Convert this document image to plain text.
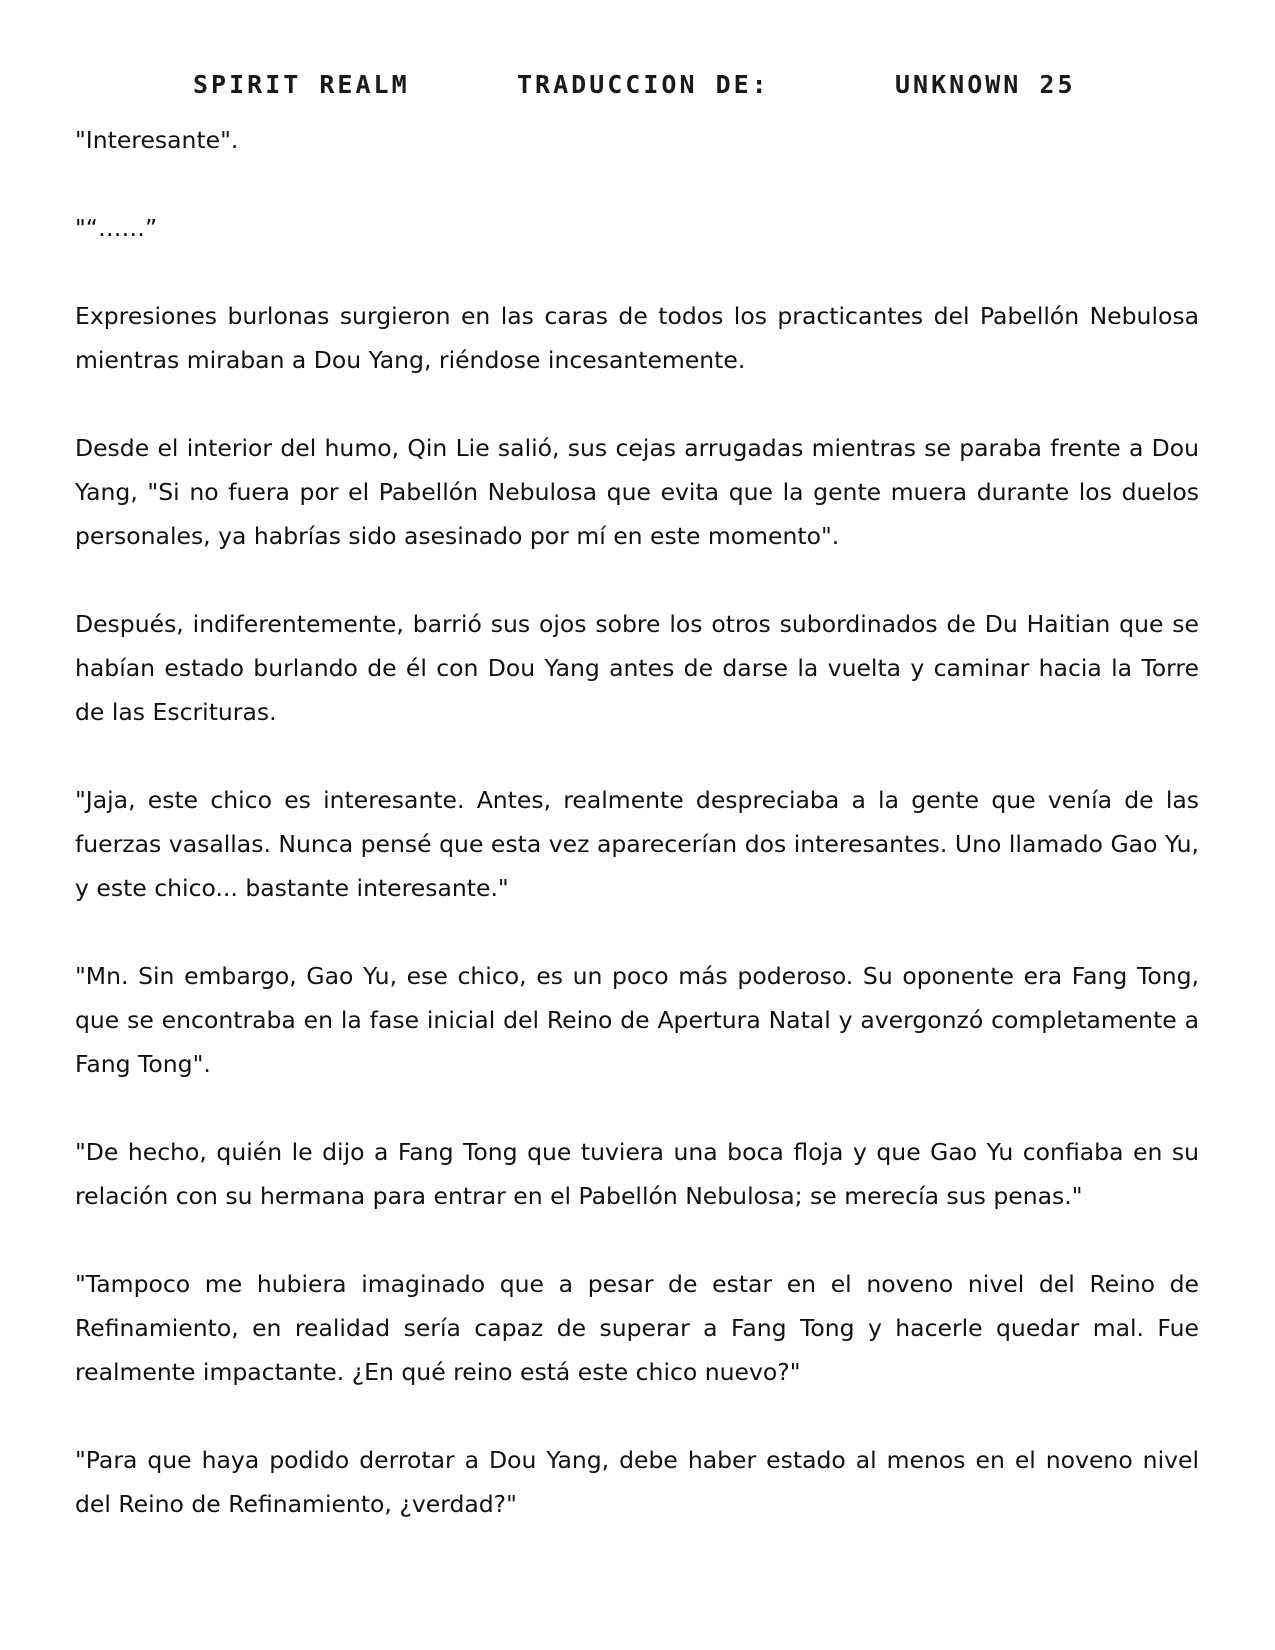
SPIRIT REALM	TRADUCCION DE:	UNKNOWN 25

"Interesante".

"“……”

Expresiones burlonas surgieron en las caras de todos los practicantes del Pabellón Nebulosa mientras miraban a Dou Yang, riéndose incesantemente.

Desde el interior del humo, Qin Lie salió, sus cejas arrugadas mientras se paraba frente a Dou Yang, "Si no fuera por el Pabellón Nebulosa que evita que la gente muera durante los duelos personales, ya habrías sido asesinado por mí en este momento".

Después, indiferentemente, barrió sus ojos sobre los otros subordinados de Du Haitian que se habían estado burlando de él con Dou Yang antes de darse la vuelta y caminar hacia la Torre de las Escrituras.

"Jaja, este chico es interesante. Antes, realmente despreciaba a la gente que venía de las fuerzas vasallas. Nunca pensé que esta vez aparecerían dos interesantes. Uno llamado Gao Yu, y este chico... bastante interesante."

"Mn. Sin embargo, Gao Yu, ese chico, es un poco más poderoso. Su oponente era Fang Tong, que se encontraba en la fase inicial del Reino de Apertura Natal y avergonzó completamente a Fang Tong".

"De hecho, quién le dijo a Fang Tong que tuviera una boca floja y que Gao Yu confiaba en su relación con su hermana para entrar en el Pabellón Nebulosa; se merecía sus penas."

"Tampoco me hubiera imaginado que a pesar de estar en el noveno nivel del Reino de Refinamiento, en realidad sería capaz de superar a Fang Tong y hacerle quedar mal. Fue realmente impactante. ¿En qué reino está este chico nuevo?"

"Para que haya podido derrotar a Dou Yang, debe haber estado al menos en el noveno nivel del Reino de Refinamiento, ¿verdad?"
